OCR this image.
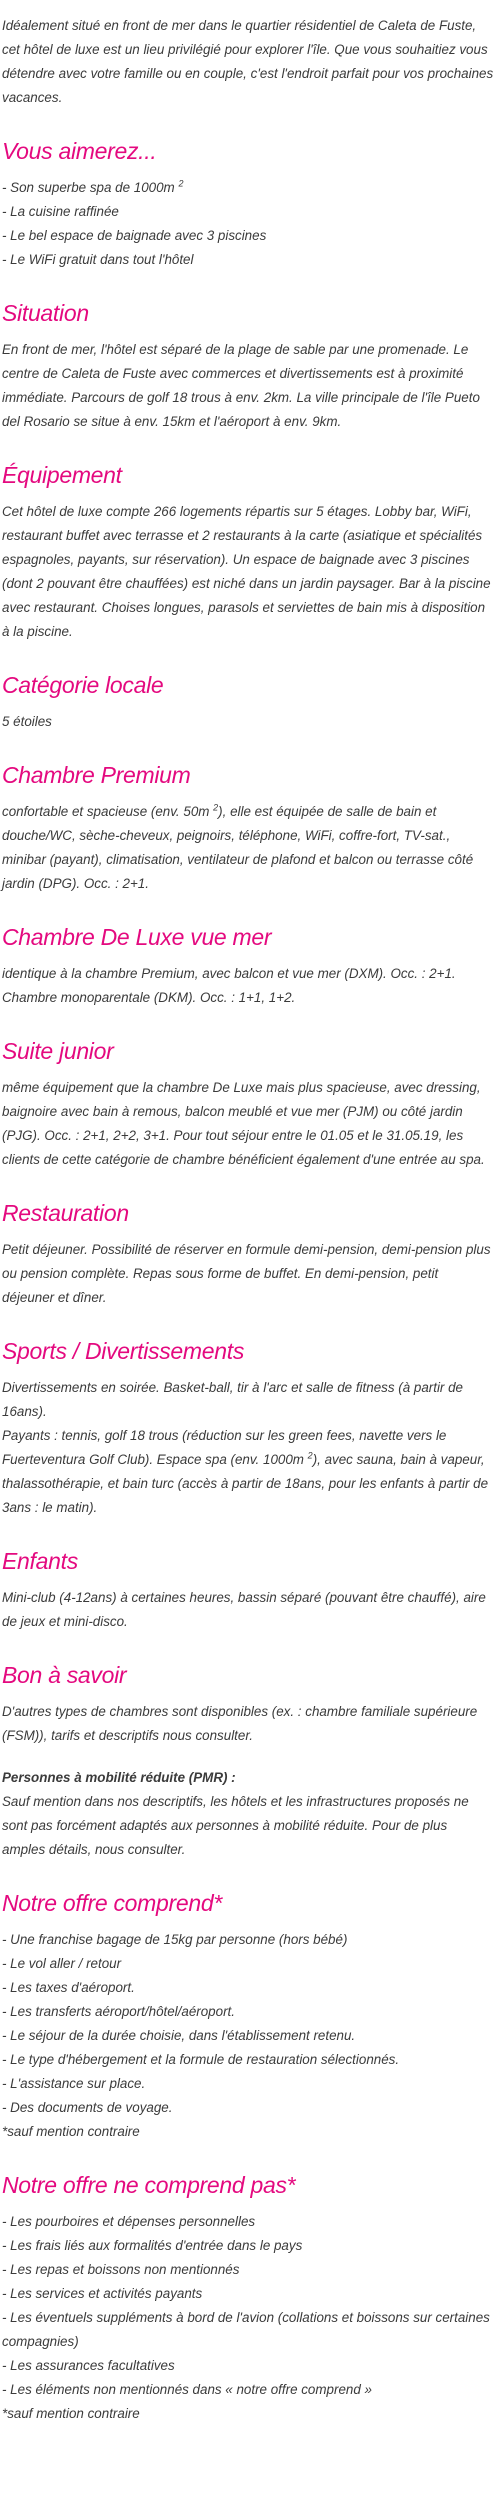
Idéalement situé en front de mer dans le quartier résidentiel de Caleta de Fuste, cet hôtel de luxe est un lieu privilégié pour explorer l'île. Que vous souhaitiez vous détendre avec votre famille ou en couple, c'est l'endroit parfait pour vos prochaines vacances.

Vous aimerez...
- Son superbe spa de 1000m $^2$
- La cuisine raffinée
- Le bel espace de baignade avec 3 piscines
- Le WiFi gratuit dans tout l'hôtel
Situation

En front de mer, l'hôtel est séparé de la plage de sable par une promenade. Le centre de Caleta de Fuste avec commerces et divertissements est à proximité immédiate. Parcours de golf 18 trous à env. 2km. La ville principale de l'île Pueto del Rosario se situe à env. 15km et l'aéroport à env. 9km.

Équipement

Cet hôtel de luxe compte 266 logements répartis sur 5 étages. Lobby bar, WiFi, restaurant buffet avec terrasse et 2 restaurants à la carte (asiatique et spécialités espagnoles, payants, sur réservation). Un espace de baignade avec 3 piscines (dont 2 pouvant être chauffées) est niché dans un jardin paysager. Bar à la piscine avec restaurant. Choises longues, parasols et serviettes de bain mis à disposition à la piscine.

Catégorie locale

5 étoiles

Chambre Premium

confortable et spacieuse (env. 50m $^2$), elle est équipée de salle de bain et douche/WC, sèche-cheveux, peignoirs, téléphone, WiFi, coffre-fort, TV-sat., minibar (payant), climatisation, ventilateur de plafond et balcon ou terrasse côté jardin (DPG). Occ. : 2+1.

Chambre De Luxe vue mer

identique à la chambre Premium, avec balcon et vue mer (DXM). Occ. : 2+1.

Chambre monoparentale (DKM). Occ. : 1+1, 1+2.

Suite junior

même équipement que la chambre De Luxe mais plus spacieuse, avec dressing, baignoire avec bain à remous, balcon meublé et vue mer (PJM) ou côté jardin (PJG). Occ. : 2+1, 2+2, 3+1. Pour tout séjour entre le 01.05 et le 31.05.19, les clients de cette catégorie de chambre bénéficient également d'une entrée au spa.

Restauration

Petit déjeuner. Possibilité de réserver en formule demi-pension, demi-pension plus ou pension complète. Repas sous forme de buffet. En demi-pension, petit déjeuner et dîner.

Sports / Divertissements

Divertissements en soirée. Basket-ball, tir à l'arc et salle de fitness (à partir de 16ans).

Payants : tennis, golf 18 trous (réduction sur les green fees, navette vers le Fuerteventura Golf Club). Espace spa (env. 1000m $^2$), avec sauna, bain à vapeur, thalassothérapie, et bain turc (accès à partir de 18ans, pour les enfants à partir de 3ans : le matin).

Enfants

Mini-club (4-12ans) à certaines heures, bassin séparé (pouvant être chauffé), aire de jeux et mini-disco.

Bon à savoir

D'autres types de chambres sont disponibles (ex. : chambre familiale supérieure (FSM)), tarifs et descriptifs nous consulter.

Personnes à mobilité réduite (PMR) :

Sauf mention dans nos descriptifs, les hôtels et les infrastructures proposés ne sont pas forcément adaptés aux personnes à mobilité réduite. Pour de plus amples détails, nous consulter.

Notre offre comprend*
- Une franchise bagage de 15kg par personne (hors bébé)
- Le vol aller / retour
- Les taxes d'aéroport.
- Les transferts aéroport/hôtel/aéroport.
- Le séjour de la durée choisie, dans l'établissement retenu.
- Le type d'hébergement et la formule de restauration sélectionnés.
- L'assistance sur place.
- Des documents de voyage.

*sauf mention contraire

Notre offre ne comprend pas*
- Les pourboires et dépenses personnelles
- Les frais liés aux formalités d'entrée dans le pays
- Les repas et boissons non mentionnés
- Les services et activités payants
- Les éventuels suppléments à bord de l'avion (collations et boissons sur certaines compagnies)
- Les assurances facultatives
- Les éléments non mentionnés dans « notre offre comprend »

*sauf mention contraire
